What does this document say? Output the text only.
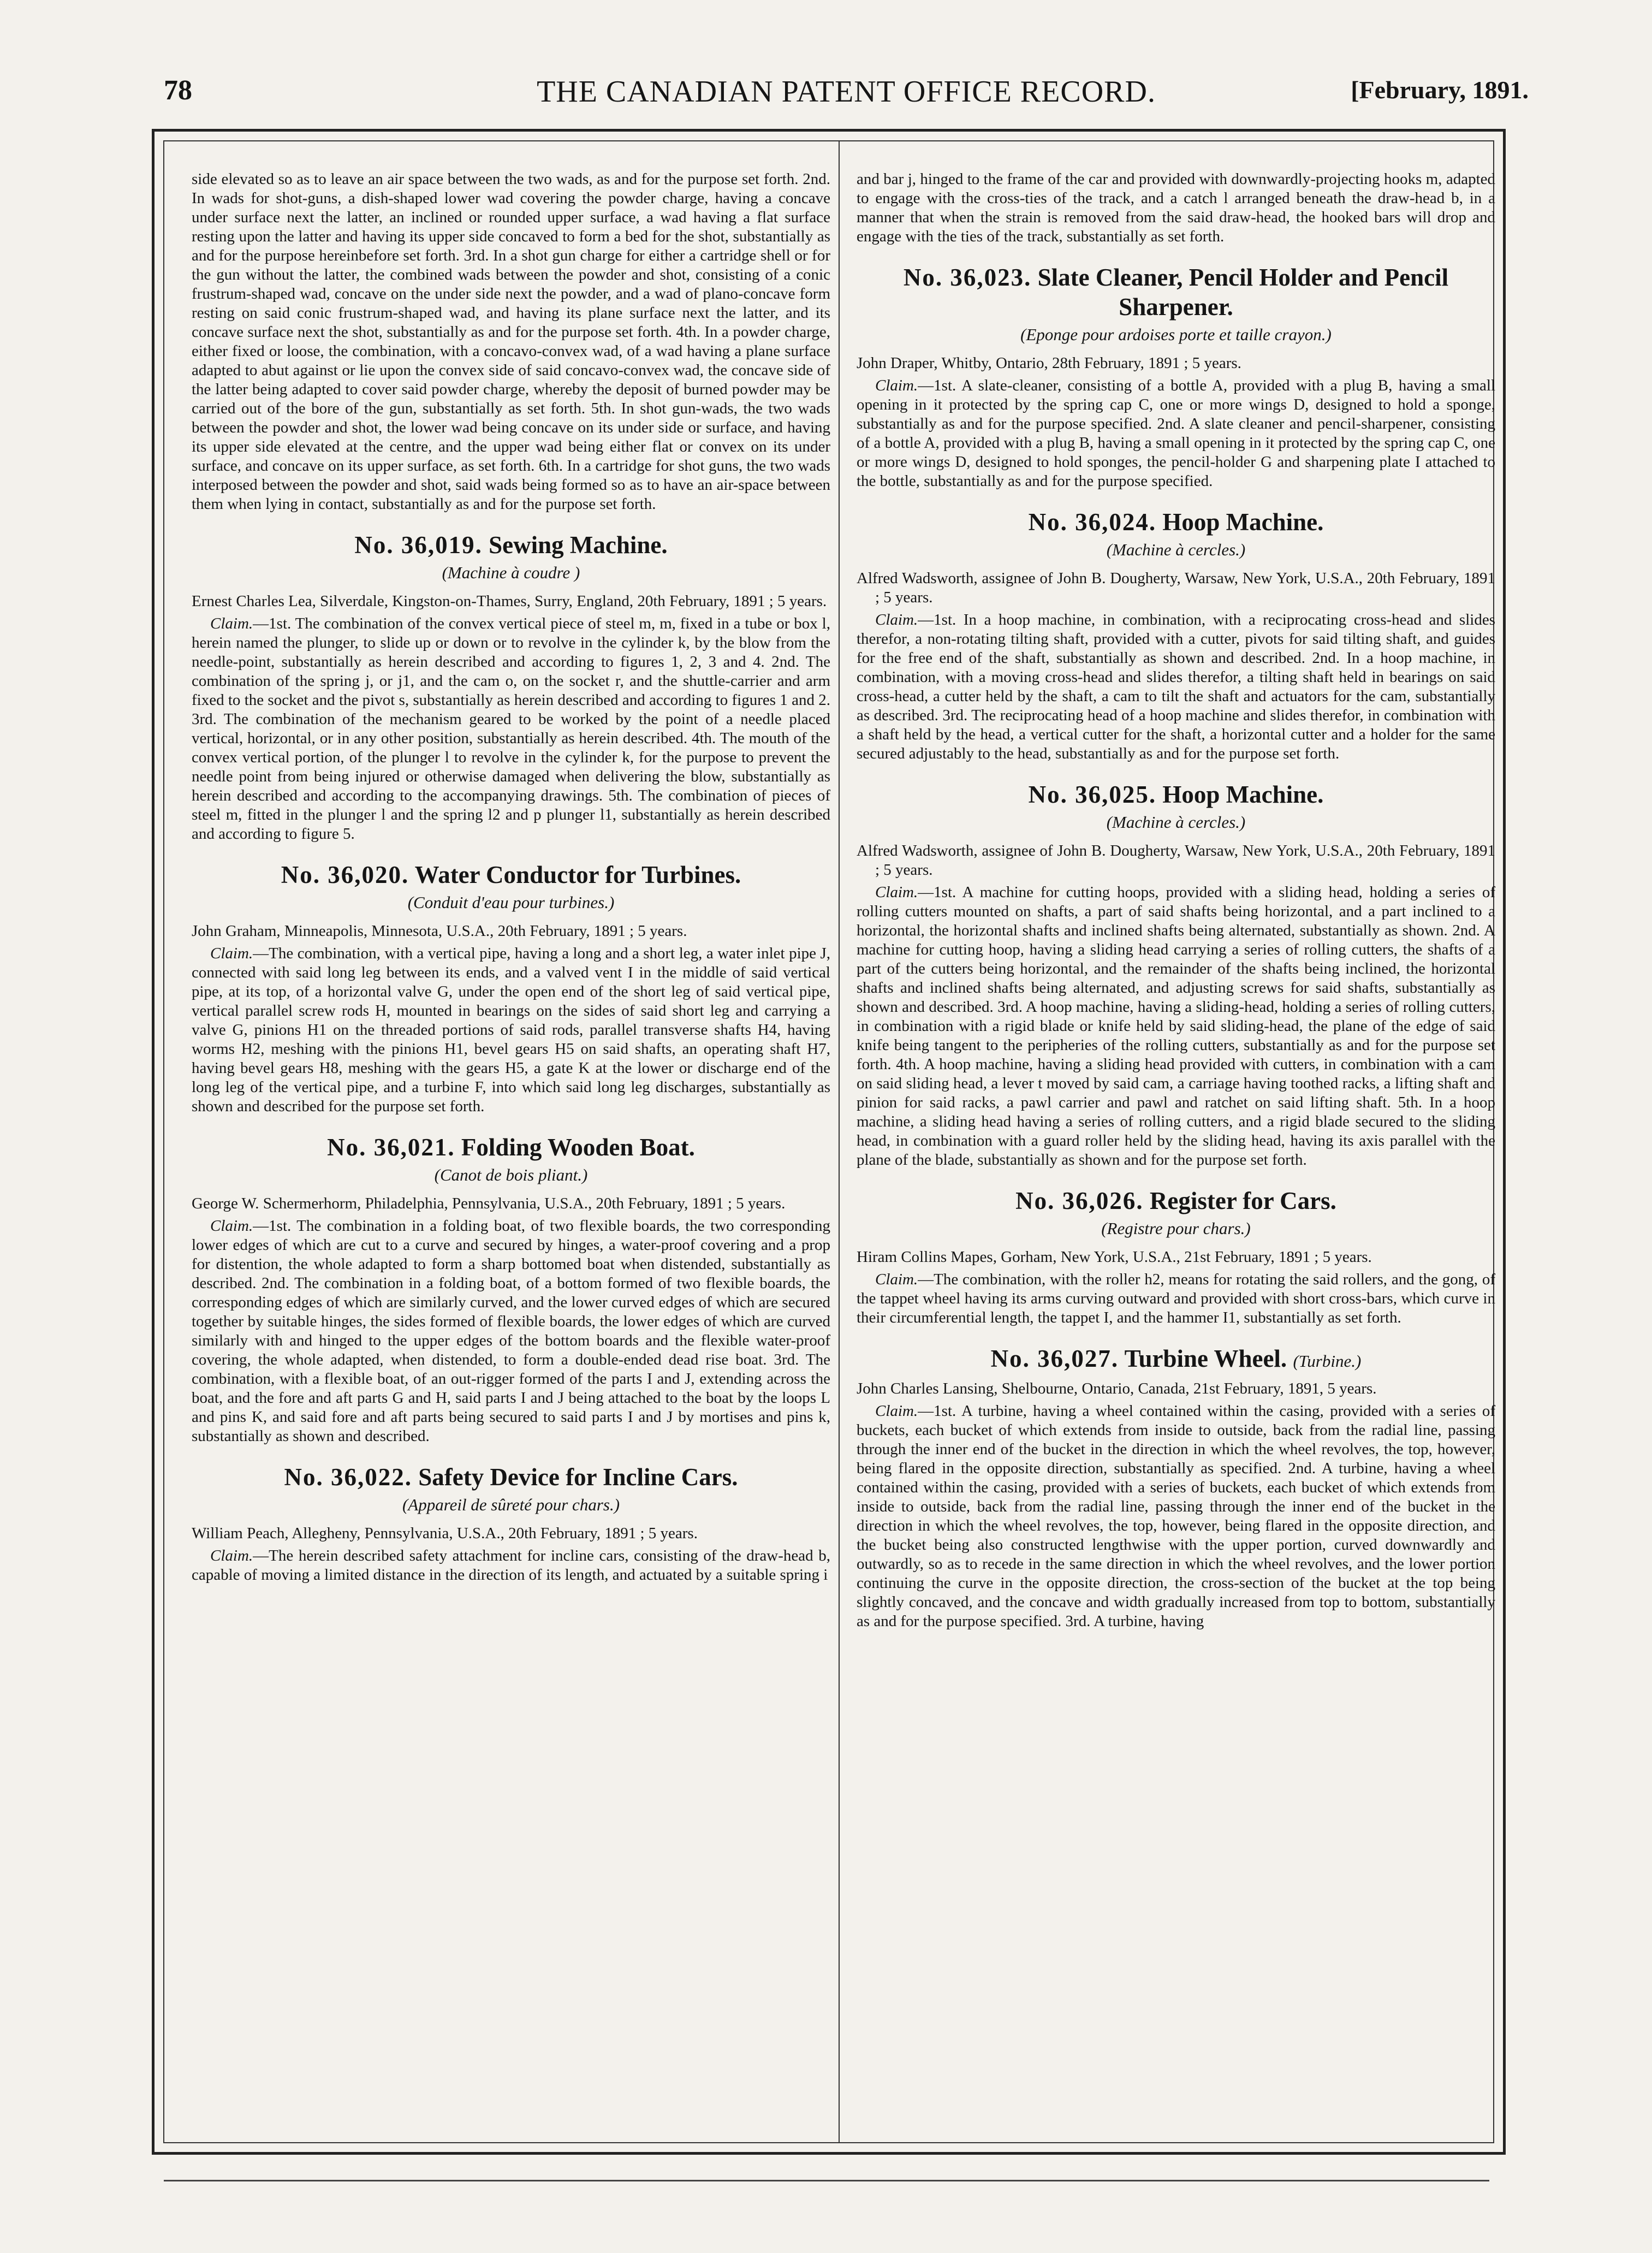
78	THE CANADIAN PATENT OFFICE RECORD.	[February, 1891.

side elevated so as to leave an air space between the two wads, as and for the purpose set forth. 2nd. In wads for shot-guns, a dish-shaped lower wad covering the powder charge, having a concave under surface next the latter, an inclined or rounded upper surface, a wad having a flat surface resting upon the latter and having its upper side concaved to form a bed for the shot, substantially as and for the purpose hereinbefore set forth. 3rd. In a shot gun charge for either a cartridge shell or for the gun without the latter, the combined wads between the powder and shot, consisting of a conic frustrum-shaped wad, concave on the under side next the powder, and a wad of plano-concave form resting on said conic frustrum-shaped wad, and having its plane surface next the latter, and its concave surface next the shot, substantially as and for the purpose set forth. 4th. In a powder charge, either fixed or loose, the combination, with a concavo-convex wad, of a wad having a plane surface adapted to abut against or lie upon the convex side of said concavo-convex wad, the concave side of the latter being adapted to cover said powder charge, whereby the deposit of burned powder may be carried out of the bore of the gun, substantially as set forth. 5th. In shot gun-wads, the two wads between the powder and shot, the lower wad being concave on its under side or surface, and having its upper side elevated at the centre, and the upper wad being either flat or convex on its under surface, and concave on its upper surface, as set forth. 6th. In a cartridge for shot guns, the two wads interposed between the powder and shot, said wads being formed so as to have an air-space between them when lying in contact, substantially as and for the purpose set forth.

No. 36,019. Sewing Machine.
(Machine à coudre )

Ernest Charles Lea, Silverdale, Kingston-on-Thames, Surry, England, 20th February, 1891 ; 5 years.

Claim.—1st. The combination of the convex vertical piece of steel m, m, fixed in a tube or box l, herein named the plunger, to slide up or down or to revolve in the cylinder k, by the blow from the needle-point, substantially as herein described and according to figures 1, 2, 3 and 4. 2nd. The combination of the spring j, or j1, and the cam o, on the socket r, and the shuttle-carrier and arm fixed to the socket and the pivot s, substantially as herein described and according to figures 1 and 2. 3rd. The combination of the mechanism geared to be worked by the point of a needle placed vertical, horizontal, or in any other position, substantially as herein described. 4th. The mouth of the convex vertical portion, of the plunger l to revolve in the cylinder k, for the purpose to prevent the needle point from being injured or otherwise damaged when delivering the blow, substantially as herein described and according to the accompanying drawings. 5th. The combination of pieces of steel m, fitted in the plunger l and the spring l2 and p plunger l1, substantially as herein described and according to figure 5.

No. 36,020. Water Conductor for Turbines.
(Conduit d'eau pour turbines.)

John Graham, Minneapolis, Minnesota, U.S.A., 20th February, 1891 ; 5 years.

Claim.—The combination, with a vertical pipe, having a long and a short leg, a water inlet pipe J, connected with said long leg between its ends, and a valved vent I in the middle of said vertical pipe, at its top, of a horizontal valve G, under the open end of the short leg of said vertical pipe, vertical parallel screw rods H, mounted in bearings on the sides of said short leg and carrying a valve G, pinions H1 on the threaded portions of said rods, parallel transverse shafts H4, having worms H2, meshing with the pinions H1, bevel gears H5 on said shafts, an operating shaft H7, having bevel gears H8, meshing with the gears H5, a gate K at the lower or discharge end of the long leg of the vertical pipe, and a turbine F, into which said long leg discharges, substantially as shown and described for the purpose set forth.

No. 36,021. Folding Wooden Boat.
(Canot de bois pliant.)

George W. Schermerhorm, Philadelphia, Pennsylvania, U.S.A., 20th February, 1891 ; 5 years.

Claim.—1st. The combination in a folding boat, of two flexible boards, the two corresponding lower edges of which are cut to a curve and secured by hinges, a water-proof covering and a prop for distention, the whole adapted to form a sharp bottomed boat when distended, substantially as described. 2nd. The combination in a folding boat, of a bottom formed of two flexible boards, the corresponding edges of which are similarly curved, and the lower curved edges of which are secured together by suitable hinges, the sides formed of flexible boards, the lower edges of which are curved similarly with and hinged to the upper edges of the bottom boards and the flexible water-proof covering, the whole adapted, when distended, to form a double-ended dead rise boat. 3rd. The combination, with a flexible boat, of an out-rigger formed of the parts I and J, extending across the boat, and the fore and aft parts G and H, said parts I and J being attached to the boat by the loops L and pins K, and said fore and aft parts being secured to said parts I and J by mortises and pins k, substantially as shown and described.

No. 36,022. Safety Device for Incline Cars.
(Appareil de sûreté pour chars.)

William Peach, Allegheny, Pennsylvania, U.S.A., 20th February, 1891 ; 5 years.

Claim.—The herein described safety attachment for incline cars, consisting of the draw-head b, capable of moving a limited distance in the direction of its length, and actuated by a suitable spring i

and bar j, hinged to the frame of the car and provided with downwardly-projecting hooks m, adapted to engage with the cross-ties of the track, and a catch l arranged beneath the draw-head b, in a manner that when the strain is removed from the said draw-head, the hooked bars will drop and engage with the ties of the track, substantially as set forth.

No. 36,023. Slate Cleaner, Pencil Holder and Pencil Sharpener.
(Eponge pour ardoises porte et taille crayon.)

John Draper, Whitby, Ontario, 28th February, 1891 ; 5 years.

Claim.—1st. A slate-cleaner, consisting of a bottle A, provided with a plug B, having a small opening in it protected by the spring cap C, one or more wings D, designed to hold a sponge, substantially as and for the purpose specified. 2nd. A slate cleaner and pencil-sharpener, consisting of a bottle A, provided with a plug B, having a small opening in it protected by the spring cap C, one or more wings D, designed to hold sponges, the pencil-holder G and sharpening plate I attached to the bottle, substantially as and for the purpose specified.

No. 36,024. Hoop Machine.
(Machine à cercles.)

Alfred Wadsworth, assignee of John B. Dougherty, Warsaw, New York, U.S.A., 20th February, 1891 ; 5 years.

Claim.—1st. In a hoop machine, in combination, with a reciprocating cross-head and slides therefor, a non-rotating tilting shaft, provided with a cutter, pivots for said tilting shaft, and guides for the free end of the shaft, substantially as shown and described. 2nd. In a hoop machine, in combination, with a moving cross-head and slides therefor, a tilting shaft held in bearings on said cross-head, a cutter held by the shaft, a cam to tilt the shaft and actuators for the cam, substantially as described. 3rd. The reciprocating head of a hoop machine and slides therefor, in combination with a shaft held by the head, a vertical cutter for the shaft, a horizontal cutter and a holder for the same secured adjustably to the head, substantially as and for the purpose set forth.

No. 36,025. Hoop Machine.
(Machine à cercles.)

Alfred Wadsworth, assignee of John B. Dougherty, Warsaw, New York, U.S.A., 20th February, 1891 ; 5 years.

Claim.—1st. A machine for cutting hoops, provided with a sliding head, holding a series of rolling cutters mounted on shafts, a part of said shafts being horizontal, and a part inclined to a horizontal, the horizontal shafts and inclined shafts being alternated, substantially as shown. 2nd. A machine for cutting hoop, having a sliding head carrying a series of rolling cutters, the shafts of a part of the cutters being horizontal, and the remainder of the shafts being inclined, the horizontal shafts and inclined shafts being alternated, and adjusting screws for said shafts, substantially as shown and described. 3rd. A hoop machine, having a sliding-head, holding a series of rolling cutters, in combination with a rigid blade or knife held by said sliding-head, the plane of the edge of said knife being tangent to the peripheries of the rolling cutters, substantially as and for the purpose set forth. 4th. A hoop machine, having a sliding head provided with cutters, in combination with a cam on said sliding head, a lever t moved by said cam, a carriage having toothed racks, a lifting shaft and pinion for said racks, a pawl carrier and pawl and ratchet on said lifting shaft. 5th. In a hoop machine, a sliding head having a series of rolling cutters, and a rigid blade secured to the sliding head, in combination with a guard roller held by the sliding head, having its axis parallel with the plane of the blade, substantially as shown and for the purpose set forth.

No. 36,026. Register for Cars.
(Registre pour chars.)

Hiram Collins Mapes, Gorham, New York, U.S.A., 21st February, 1891 ; 5 years.

Claim.—The combination, with the roller h2, means for rotating the said rollers, and the gong, of the tappet wheel having its arms curving outward and provided with short cross-bars, which curve in their circumferential length, the tappet I, and the hammer I1, substantially as set forth.

No. 36,027. Turbine Wheel. (Turbine.)

John Charles Lansing, Shelbourne, Ontario, Canada, 21st February, 1891, 5 years.

Claim.—1st. A turbine, having a wheel contained within the casing, provided with a series of buckets, each bucket of which extends from inside to outside, back from the radial line, passing through the inner end of the bucket in the direction in which the wheel revolves, the top, however, being flared in the opposite direction, substantially as specified. 2nd. A turbine, having a wheel contained within the casing, provided with a series of buckets, each bucket of which extends from inside to outside, back from the radial line, passing through the inner end of the bucket in the direction in which the wheel revolves, the top, however, being flared in the opposite direction, and the bucket being also constructed lengthwise with the upper portion, curved downwardly and outwardly, so as to recede in the same direction in which the wheel revolves, and the lower portion continuing the curve in the opposite direction, the cross-section of the bucket at the top being slightly concaved, and the concave and width gradually increased from top to bottom, substantially as and for the purpose specified. 3rd. A turbine, having
